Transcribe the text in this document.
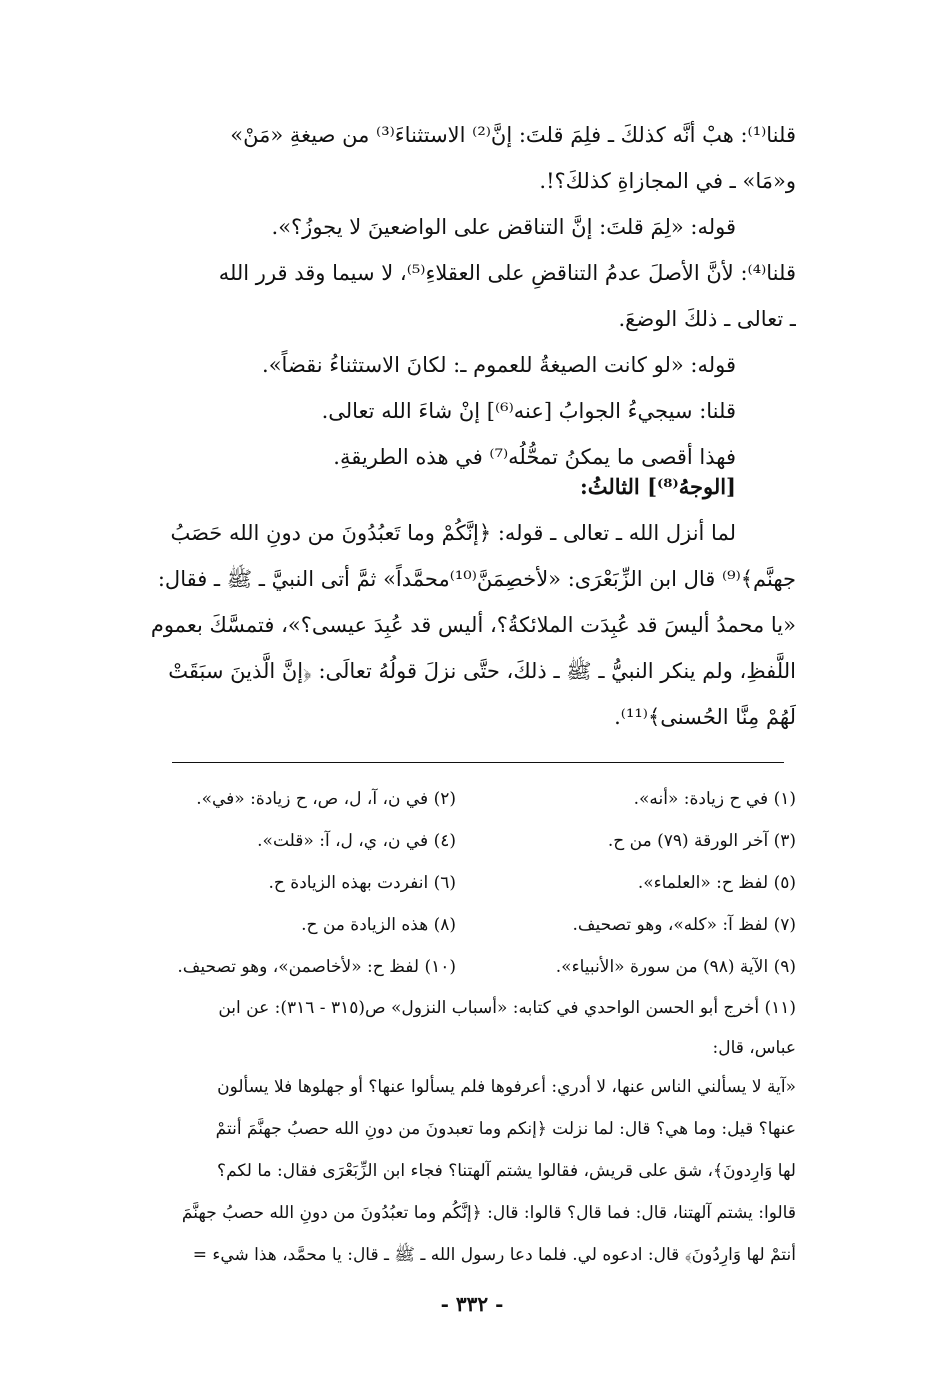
قلنا⁽¹⁾: هبْ أنَّه كذلكَ ـ فلِمَ قلتَ: إنَّ⁽²⁾ الاستثناءَ⁽³⁾ من صيغةِ «مَنْ»
و«مَا» ـ في المجازاةِ كذلكَ؟!.
قوله: «لِمَ قلتَ: إنَّ التناقض على الواضعينَ لا يجوزُ؟».
قلنا⁽⁴⁾: لأنَّ الأصلَ عدمُ التناقضِ على العقلاءِ⁽⁵⁾، لا سيما وقد قرر الله
ـ تعالى ـ ذلكَ الوضعَ.
قوله: «لو كانت الصيغةُ للعموم ـ: لكانَ الاستثناءُ نقضاً».
قلنا: سيجيءُ الجوابُ [عنه⁽⁶⁾] إنْ شاءَ الله تعالى.
فهذا أقصى ما يمكنُ تمحُّلُه⁽⁷⁾ في هذه الطريقةِ.
[الوجهُ⁽⁸⁾] الثالثُ:
لما أنزل الله ـ تعالى ـ قوله: ﴿إنَّكُمْ وما تَعبُدُونَ من دونِ الله حَصَبُ
جهنَّم﴾⁽⁹⁾ قال ابن الزِّبَعْرَى: «لأخصِمَنَّ⁽¹⁰⁾محمَّداً» ثمَّ أتى النبيَّ ـ ﷺ ـ فقال:
«يا محمدُ أليسَ قد عُبِدَت الملائكةُ؟، أليس قد عُبِدَ عيسى؟»، فتمسَّكَ بعموم
اللَّفظِ، ولم ينكر النبيُّ ـ ﷺ ـ ذلكَ، حتَّى نزلَ قولُهُ تعالَى: ﴿إنَّ الَّذينَ سبَقَتْ
لَهُمْ مِنَّا الحُسنى﴾⁽¹¹⁾.
(١) في ح زيادة: «أنه».
(٢) في ن، آ، ل، ص، ح زيادة: «في».
(٣) آخر الورقة (٧٩) من ح.
(٤) في ن، ي، ل، آ: «قلت».
(٥) لفظ ح: «العلماء».
(٦) انفردت بهذه الزيادة ح.
(٧) لفظ آ: «كله»، وهو تصحيف.
(٨) هذه الزيادة من ح.
(٩) الآية (٩٨) من سورة «الأنبياء».
(١٠) لفظ ح: «لأخاصمن»، وهو تصحيف.
(١١) أخرج أبو الحسن الواحدي في كتابه: «أسباب النزول» ص(٣١٥ - ٣١٦): عن ابن
عباس، قال:
«آية لا يسألني الناس عنها، لا أدري: أعرفوها فلم يسألوا عنها؟ أو جهلوها فلا يسألون
عنها؟ قيل: وما هي؟ قال: لما نزلت ﴿إنكم وما تعبدونَ من دونِ الله حصبُ جهنَّمَ أنتمْ
لها وَارِدونَ﴾، شق على قريش، فقالوا يشتم آلهتنا؟ فجاء ابن الزِّبَعْرَى فقال: ما لكم؟
قالوا: يشتم آلهتنا، قال: فما قال؟ قالوا: قال: ﴿إنَّكُم وما تعبُدُونَ من دونِ الله حصبُ جهنَّمَ
أنتمْ لها وَارِدُونَ﴾ قال: ادعوه لي. فلما دعا رسول الله ـ ﷺ ـ قال: يا محمَّد، هذا شيء =
- ٣٣٢ -
